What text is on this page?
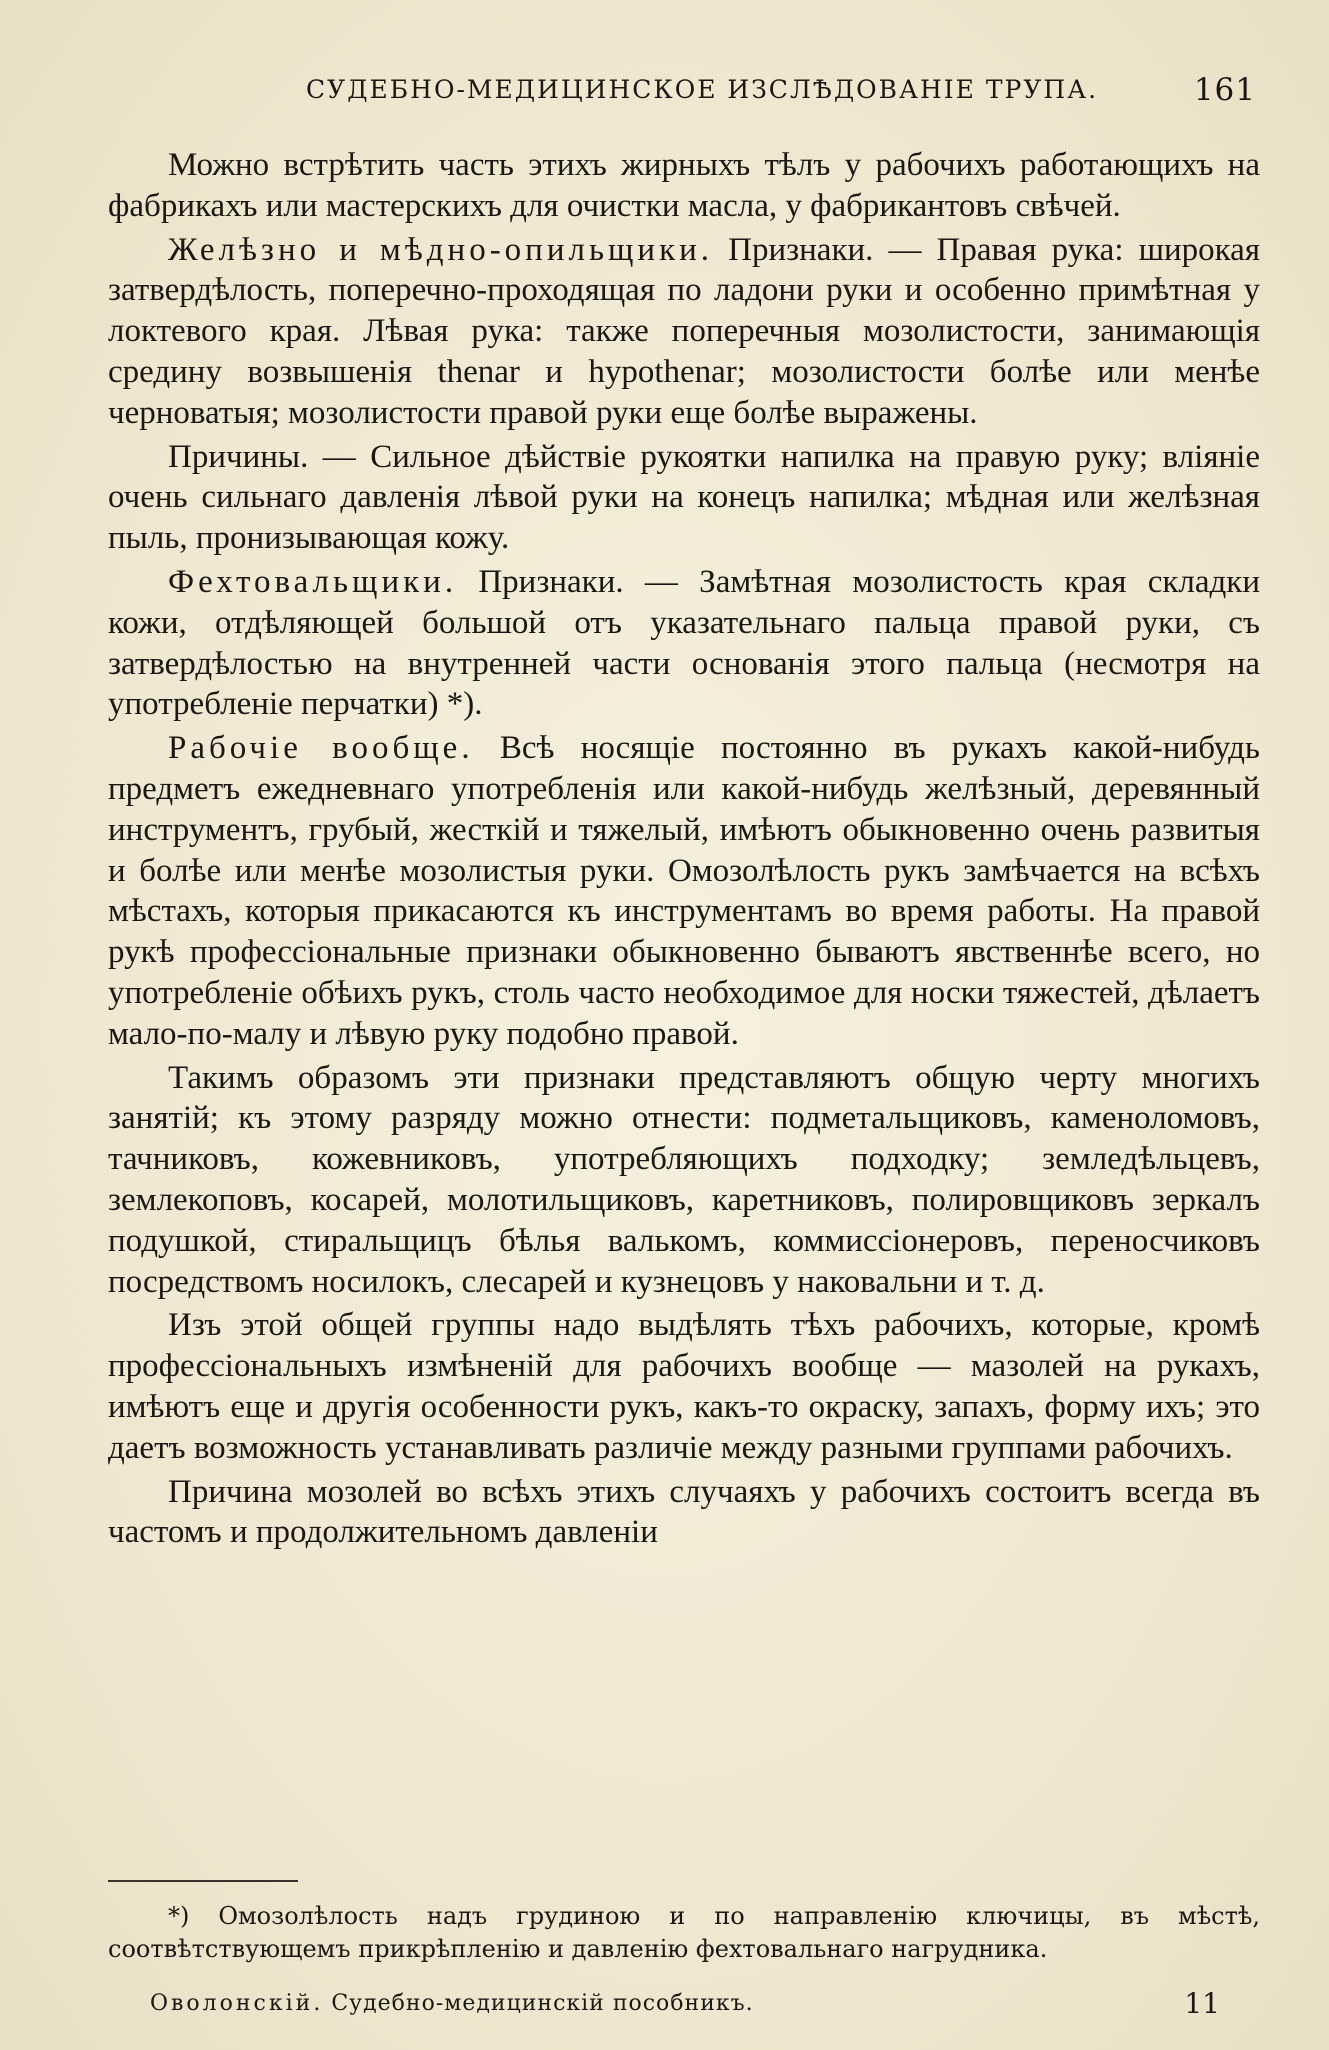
СУДЕБНО-МЕДИЦИНСКОЕ ИЗСЛѢДОВАНІЕ ТРУПА.	161

Можно встрѣтить часть этихъ жирныхъ тѣлъ у рабочихъ работающихъ на фабрикахъ или мастерскихъ для очистки масла, у фабрикантовъ свѣчей.

Желѣзно и мѣдно-опильщики. Признаки. — Правая рука: широкая затвердѣлость, поперечно-проходящая по ладони руки и особенно примѣтная у локтевого края. Лѣвая рука: также поперечныя мозолистости, занимающія средину возвышенія thenar и hypothenar; мозолистости болѣе или менѣе черноватыя; мозолистости правой руки еще болѣе выражены.

Причины. — Сильное дѣйствіе рукоятки напилка на правую руку; вліяніе очень сильнаго давленія лѣвой руки на конецъ напилка; мѣдная или желѣзная пыль, пронизывающая кожу.

Фехтовальщики. Признаки. — Замѣтная мозолистость края складки кожи, отдѣляющей большой отъ указательнаго пальца правой руки, съ затвердѣлостью на внутренней части основанія этого пальца (несмотря на употребленіе перчатки) *).

Рабочіе вообще. Всѣ носящіе постоянно въ рукахъ какой-нибудь предметъ ежедневнаго употребленія или какой-нибудь желѣзный, деревянный инструментъ, грубый, жесткій и тяжелый, имѣютъ обыкновенно очень развитыя и болѣе или менѣе мозолистыя руки. Омозолѣлость рукъ замѣчается на всѣхъ мѣстахъ, которыя прикасаются къ инструментамъ во время работы. На правой рукѣ профессіональные признаки обыкновенно бываютъ явственнѣе всего, но употребленіе обѣихъ рукъ, столь часто необходимое для носки тяжестей, дѣлаетъ мало-по-малу и лѣвую руку подобно правой.

Такимъ образомъ эти признаки представляютъ общую черту многихъ занятій; къ этому разряду можно отнести: подметальщиковъ, каменоломовъ, тачниковъ, кожевниковъ, употребляющихъ подходку; земледѣльцевъ, землекоповъ, косарей, молотильщиковъ, каретниковъ, полировщиковъ зеркалъ подушкой, стиральщицъ бѣлья валькомъ, коммиссіонеровъ, переносчиковъ посредствомъ носилокъ, слесарей и кузнецовъ у наковальни и т. д.

Изъ этой общей группы надо выдѣлять тѣхъ рабочихъ, которые, кромѣ профессіональныхъ измѣненій для рабочихъ вообще — мазолей на рукахъ, имѣютъ еще и другія особенности рукъ, какъ-то окраску, запахъ, форму ихъ; это даетъ возможность устанавливать различіе между разными группами рабочихъ.

Причина мозолей во всѣхъ этихъ случаяхъ у рабочихъ состоитъ всегда въ частомъ и продолжительномъ давленіи

*) Омозолѣлость надъ грудиною и по направленію ключицы, въ мѣстѣ, соотвѣтствующемъ прикрѣпленію и давленію фехтовальнаго нагрудника.
Оволонскій. Судебно-медицинскій пособникъ.	11
